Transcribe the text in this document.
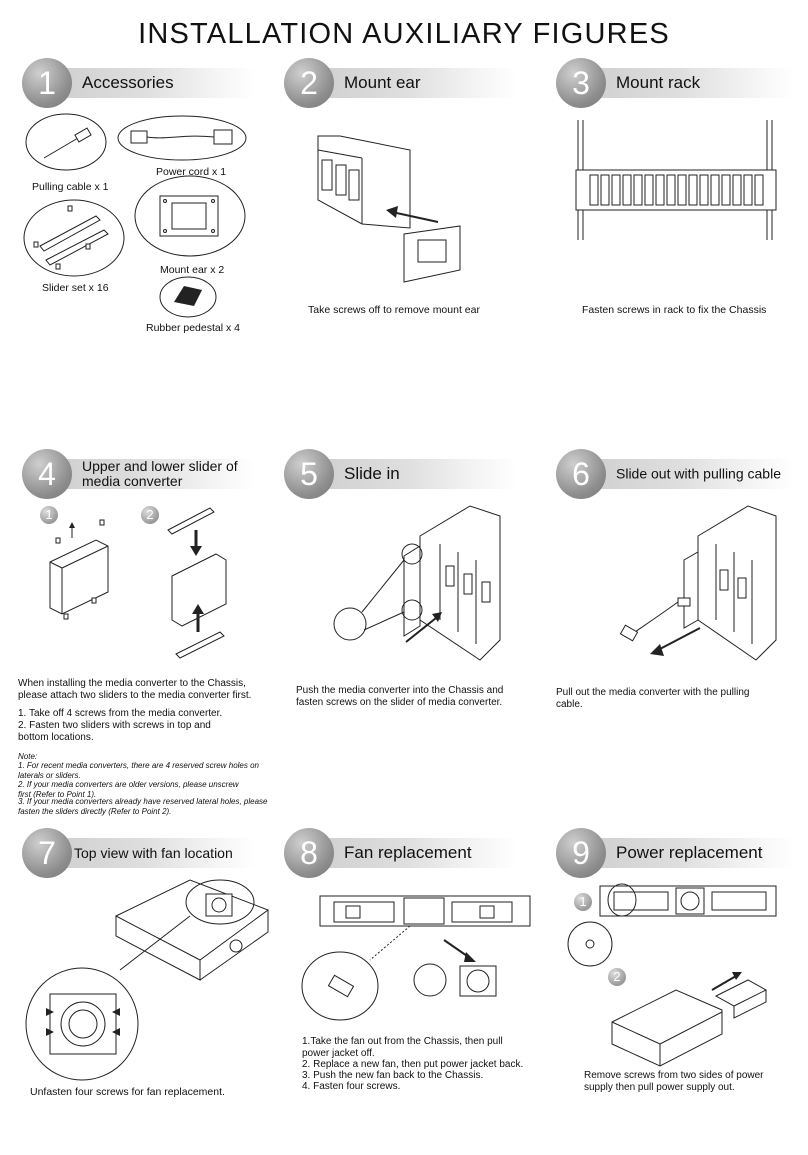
INSTALLATION AUXILIARY FIGURES
1	Accessories	2	Mount ear	3	Mount rack
4	Upper and lower slider of media converter	5	Slide in	6	Slide out with pulling cable
7	Top view with fan location	8	Fan replacement	9	Power replacement
Pulling cable x 1
Power cord x 1
Slider set x 16
Mount ear x 2
Rubber pedestal x 4
Take screws off to remove mount ear	Fasten screws in rack to fix the Chassis
1	2
When installing the media converter to the Chassis, please attach two sliders to the media converter first.
1. Take off 4 screws from the media converter.
2. Fasten two sliders with screws in top and bottom locations.
Note:
1. For recent media converters, there are 4 reserved screw holes on laterals or sliders.
2. If your media converters are older versions, please unscrew first (Refer to Point 1).
3. If your media converters already have reserved lateral holes, please fasten the sliders directly (Refer to Point 2).
Push the media converter into the Chassis and fasten screws on the slider of media converter.
Pull out the media converter with the pulling cable.
Unfasten four screws for fan replacement.
1.Take the fan out from the Chassis, then pull power jacket off.
2. Replace a new fan, then put power jacket back.
3. Push the new fan back to the Chassis.
4. Fasten four screws.
1
2
Remove screws from two sides of power supply then pull power supply out.
